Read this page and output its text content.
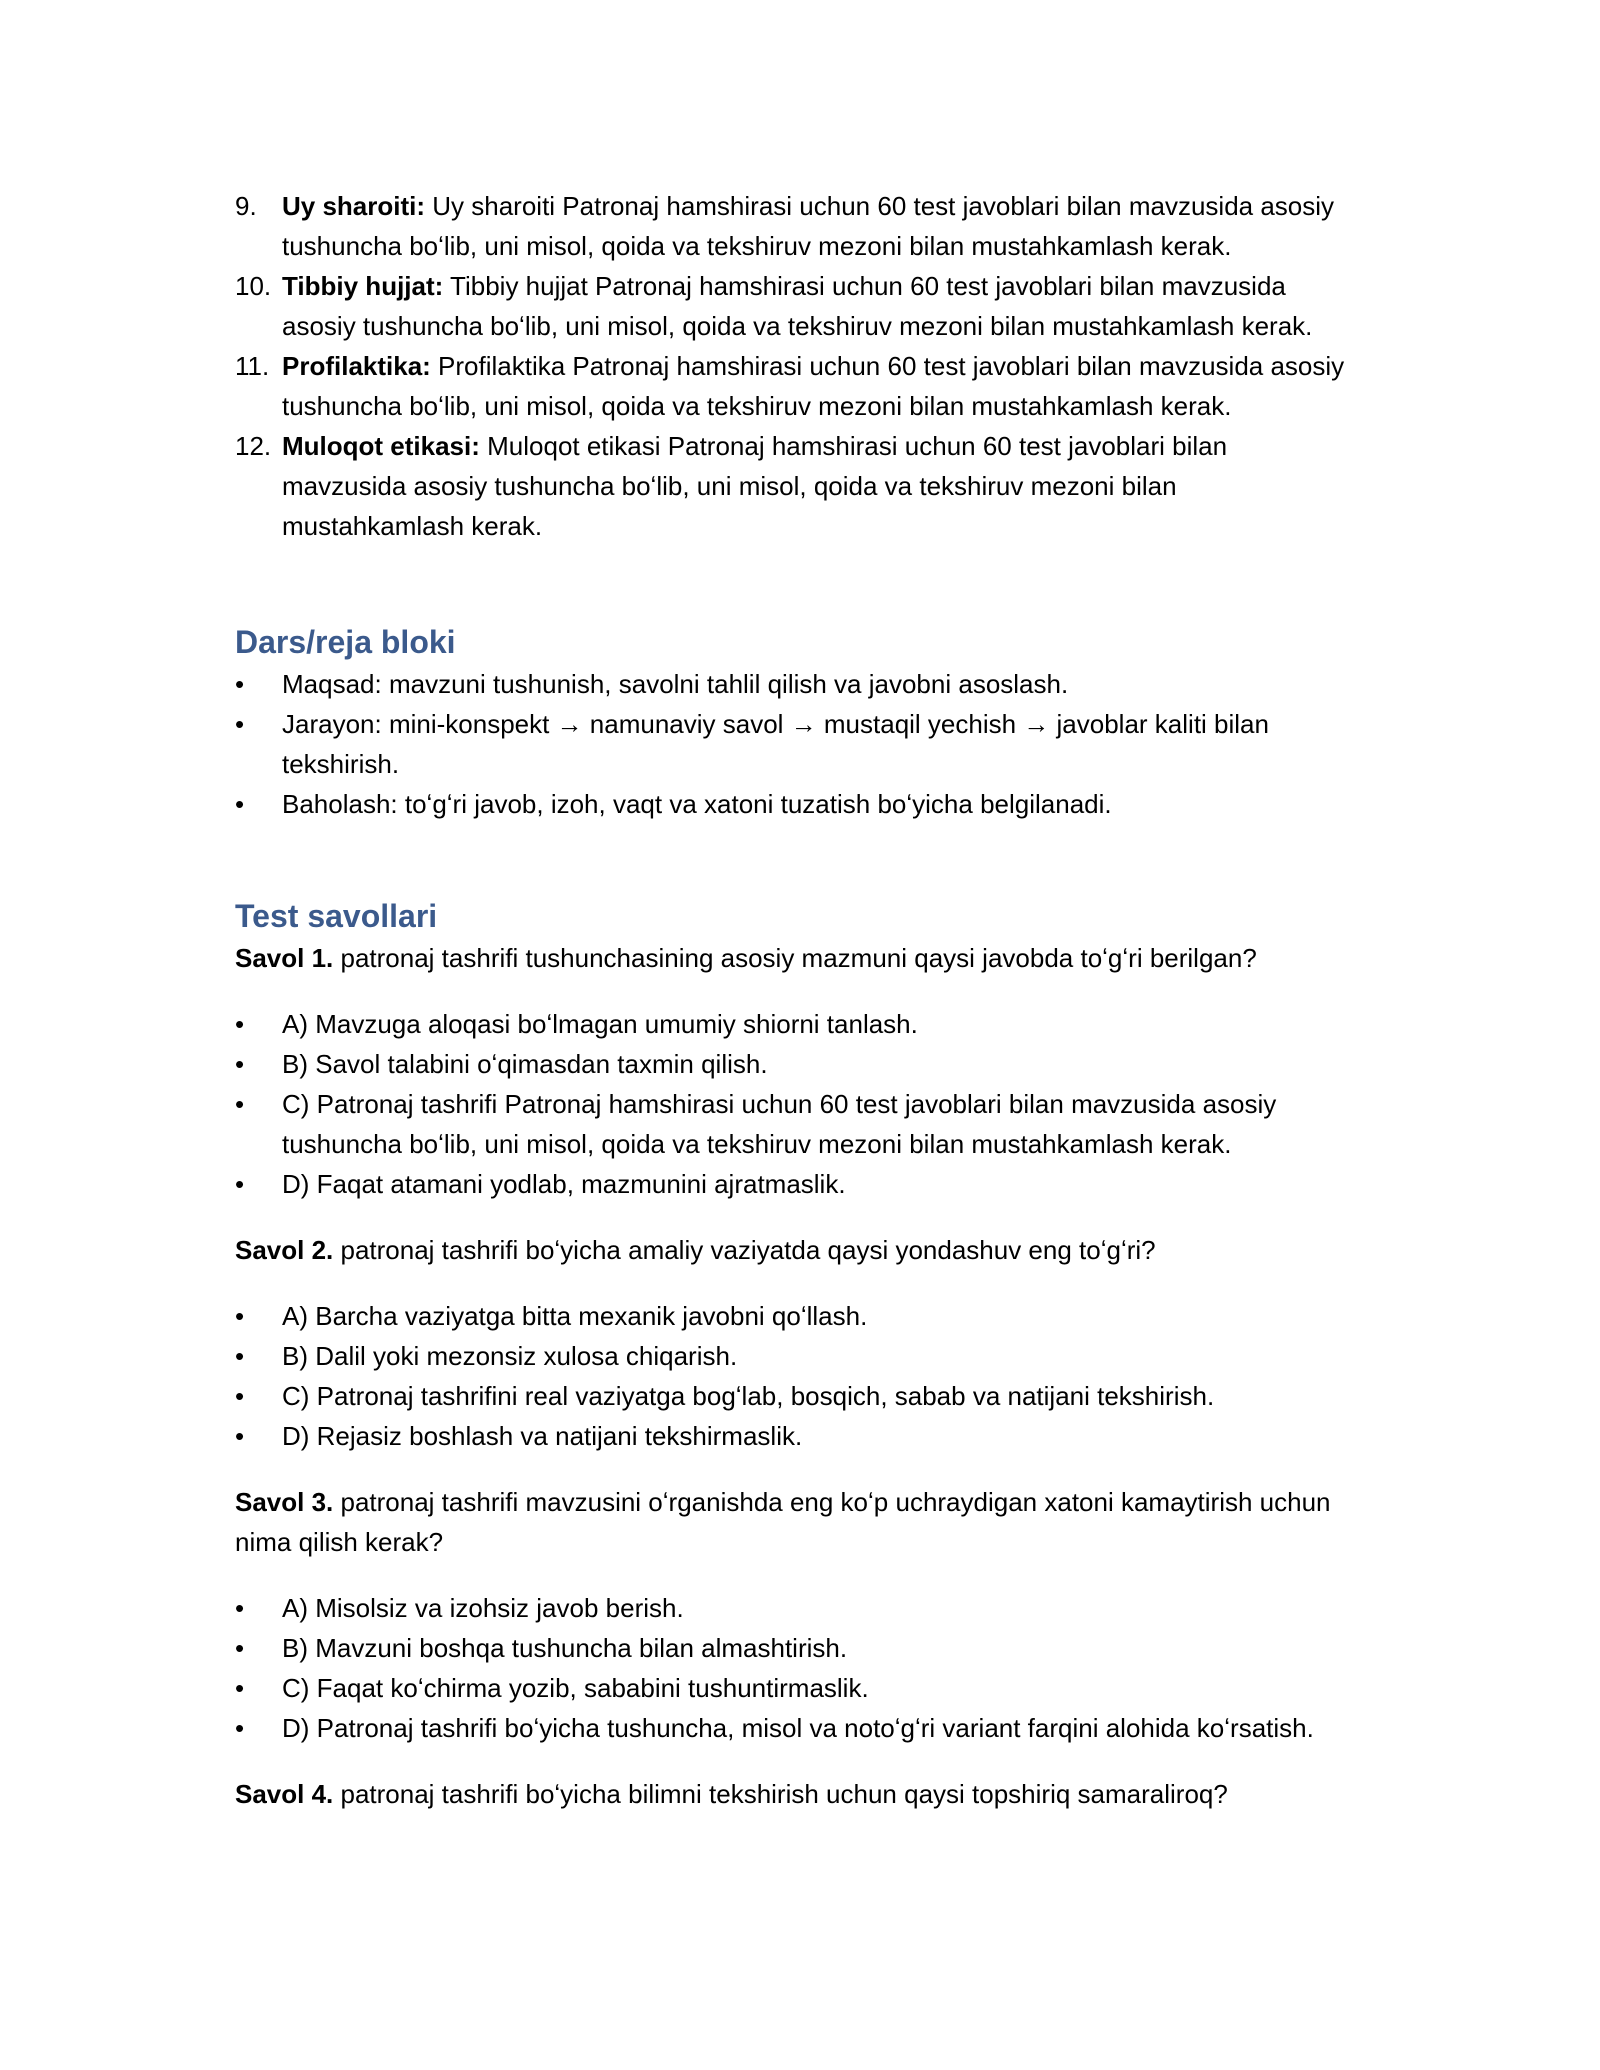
9. Uy sharoiti: Uy sharoiti Patronaj hamshirasi uchun 60 test javoblari bilan mavzusida asosiy tushuncha boʻlib, uni misol, qoida va tekshiruv mezoni bilan mustahkamlash kerak.
10. Tibbiy hujjat: Tibbiy hujjat Patronaj hamshirasi uchun 60 test javoblari bilan mavzusida asosiy tushuncha boʻlib, uni misol, qoida va tekshiruv mezoni bilan mustahkamlash kerak.
11. Profilaktika: Profilaktika Patronaj hamshirasi uchun 60 test javoblari bilan mavzusida asosiy tushuncha boʻlib, uni misol, qoida va tekshiruv mezoni bilan mustahkamlash kerak.
12. Muloqot etikasi: Muloqot etikasi Patronaj hamshirasi uchun 60 test javoblari bilan mavzusida asosiy tushuncha boʻlib, uni misol, qoida va tekshiruv mezoni bilan mustahkamlash kerak.
Dars/reja bloki
•	Maqsad: mavzuni tushunish, savolni tahlil qilish va javobni asoslash.
•	Jarayon: mini-konspekt → namunaviy savol → mustaqil yechish → javoblar kaliti bilan tekshirish.
•	Baholash: toʻgʻri javob, izoh, vaqt va xatoni tuzatish boʻyicha belgilanadi.
Test savollari
Savol 1. patronaj tashrifi tushunchasining asosiy mazmuni qaysi javobda toʻgʻri berilgan?
•	A) Mavzuga aloqasi boʻlmagan umumiy shiorni tanlash.
•	B) Savol talabini oʻqimasdan taxmin qilish.
•	C) Patronaj tashrifi Patronaj hamshirasi uchun 60 test javoblari bilan mavzusida asosiy tushuncha boʻlib, uni misol, qoida va tekshiruv mezoni bilan mustahkamlash kerak.
•	D) Faqat atamani yodlab, mazmunini ajratmaslik.
Savol 2. patronaj tashrifi boʻyicha amaliy vaziyatda qaysi yondashuv eng toʻgʻri?
•	A) Barcha vaziyatga bitta mexanik javobni qoʻllash.
•	B) Dalil yoki mezonsiz xulosa chiqarish.
•	C) Patronaj tashrifini real vaziyatga bogʻlab, bosqich, sabab va natijani tekshirish.
•	D) Rejasiz boshlash va natijani tekshirmaslik.
Savol 3. patronaj tashrifi mavzusini oʻrganishda eng koʻp uchraydigan xatoni kamaytirish uchun nima qilish kerak?
•	A) Misolsiz va izohsiz javob berish.
•	B) Mavzuni boshqa tushuncha bilan almashtirish.
•	C) Faqat koʻchirma yozib, sababini tushuntirmaslik.
•	D) Patronaj tashrifi boʻyicha tushuncha, misol va notoʻgʻri variant farqini alohida koʻrsatish.
Savol 4. patronaj tashrifi boʻyicha bilimni tekshirish uchun qaysi topshiriq samaraliroq?
